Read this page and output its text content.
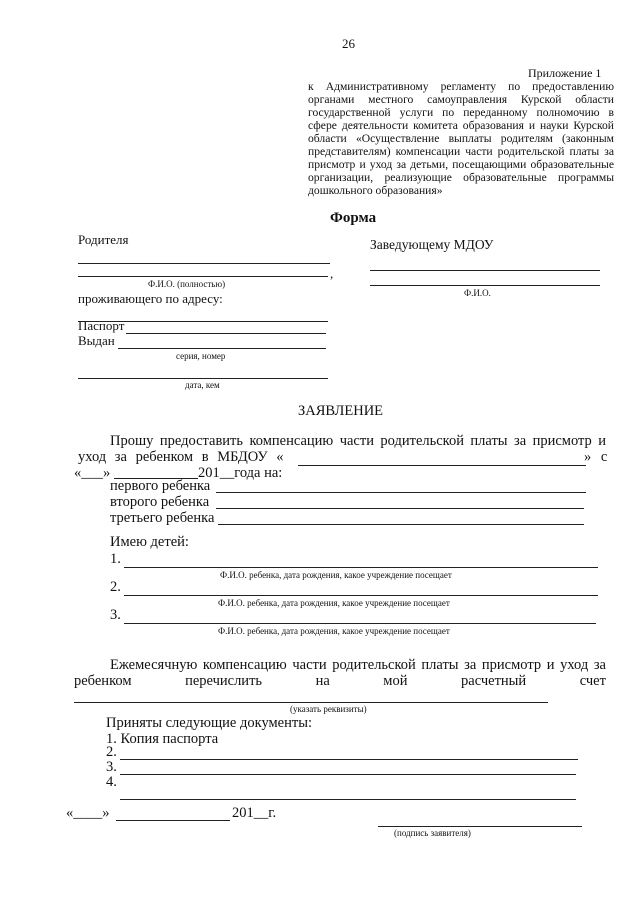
26
Приложение 1

к Административному регламенту по предоставлению органами местного самоуправления Курской области государственной услуги по переданному полномочию в сфере деятельности комитета образования и науки Курской области «Осуществление выплаты родителям (законным представителям) компенсации части родительской платы за присмотр и уход за детьми, посещающими образовательные организации, реализующие образовательные программы дошкольного образования»

Форма
Родителя
,
Ф.И.О. (полностью)
проживающего по адресу:
Паспорт
Выдан
серия, номер
дата, кем
Заведующему МДОУ
Ф.И.О.
ЗАЯВЛЕНИЕ
Прошу предоставить компенсацию части родительской платы за присмотр и
уход за ребенком в МБДОУ «	» с
«___»	201__года на:
первого ребенка
второго ребенка
третьего ребенка
Имею детей:
1.
Ф.И.О. ребенка, дата рождения, какое учреждение посещает
2.
Ф.И.О. ребенка, дата рождения, какое учреждение посещает
3.
Ф.И.О. ребенка, дата рождения, какое учреждение посещает
Ежемесячную компенсацию части родительской платы за присмотр и уход за
ребенком	перечислить	на	мой	расчетный	счет
(указать реквизиты)
Приняты следующие документы:
1. Копия паспорта
2.
3.
4.
«____»	201__г.
(подпись заявителя)
